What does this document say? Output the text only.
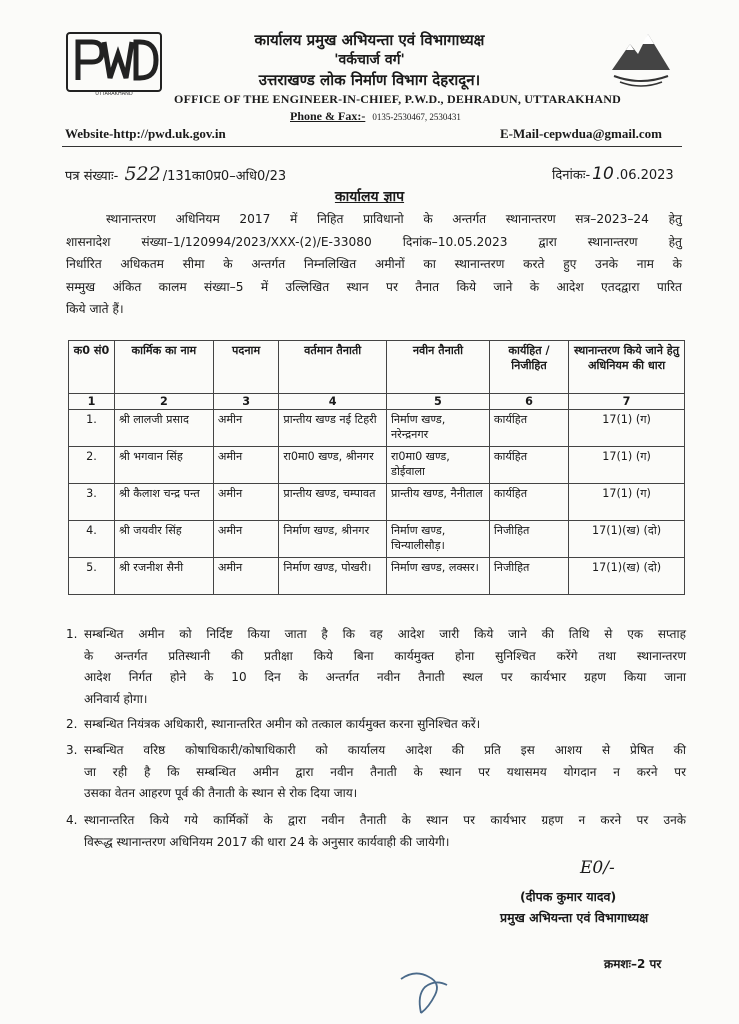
UTTARAKHAND
कार्यालय प्रमुख अभियन्ता एवं विभागाध्यक्ष
'वर्कचार्ज वर्ग'
उत्तराखण्ड लोक निर्माण विभाग देहरादून।
OFFICE OF THE ENGINEER-IN-CHIEF, P.W.D., DEHRADUN, UTTARAKHAND
Phone & Fax:- 0135-2530467, 2530431
Website-http://pwd.uk.gov.in	E-Mail-cepwdua@gmail.com
पत्र संख्याः- 522 /131का0प्र0–अधि0/23	दिनांकः- 10 .06.2023
कार्यालय ज्ञाप
स्थानान्तरण अधिनियम 2017 में निहित प्राविधानो के अन्तर्गत स्थानान्तरण सत्र–2023–24 हेतु
शासनादेश संख्या–1/120994/2023/XXX-(2)/E-33080 दिनांक–10.05.2023 द्वारा स्थानान्तरण हेतु
निर्धारित अधिकतम सीमा के अन्तर्गत निम्नलिखित अमीनों का स्थानान्तरण करते हुए उनके नाम के
सम्मुख अंकित कालम संख्या–5 में उल्लिखित स्थान पर तैनात किये जाने के आदेश एतदद्वारा पारित
किये जाते हैं।
क0 सं0	कार्मिक का नाम	पदनाम	वर्तमान तैनाती	नवीन तैनाती	कार्यहित / निजीहित	स्थानान्तरण किये जाने हेतु अधिनियम की धारा
1	2	3	4	5	6	7
1.	श्री लालजी प्रसाद	अमीन	प्रान्तीय खण्ड नई टिहरी	निर्माण खण्ड, नरेन्द्रनगर	कार्यहित	17(1) (ग)
2.	श्री भगवान सिंह	अमीन	रा0मा0 खण्ड, श्रीनगर	रा0मा0 खण्ड, डोईवाला	कार्यहित	17(1) (ग)
3.	श्री कैलाश चन्द्र पन्त	अमीन	प्रान्तीय खण्ड, चम्पावत	प्रान्तीय खण्ड, नैनीताल	कार्यहित	17(1) (ग)
4.	श्री जयवीर सिंह	अमीन	निर्माण खण्ड, श्रीनगर	निर्माण खण्ड, चिन्यालीसौड़।	निजीहित	17(1)(ख) (दो)
5.	श्री रजनीश सैनी	अमीन	निर्माण खण्ड, पोखरी।	निर्माण खण्ड, लक्सर।	निजीहित	17(1)(ख) (दो)
1. सम्बन्धित अमीन को निर्दिष्ट किया जाता है कि वह आदेश जारी किये जाने की तिथि से एक सप्ताह
के अन्तर्गत प्रतिस्थानी की प्रतीक्षा किये बिना कार्यमुक्त होना सुनिश्चित करेंगे तथा स्थानान्तरण
आदेश निर्गत होने के 10 दिन के अन्तर्गत नवीन तैनाती स्थल पर कार्यभार ग्रहण किया जाना
अनिवार्य होगा।
2. सम्बन्धित नियंत्रक अधिकारी, स्थानान्तरित अमीन को तत्काल कार्यमुक्त करना सुनिश्चित करें।
3. सम्बन्धित वरिष्ठ कोषाधिकारी/कोषाधिकारी को कार्यालय आदेश की प्रति इस आशय से प्रेषित की
जा रही है कि सम्बन्धित अमीन द्वारा नवीन तैनाती के स्थान पर यथासमय योगदान न करने पर
उसका वेतन आहरण पूर्व की तैनाती के स्थान से रोक दिया जाय।
4. स्थानान्तरित किये गये कार्मिकों के द्वारा नवीन तैनाती के स्थान पर कार्यभार ग्रहण न करने पर उनके
विरूद्ध स्थानान्तरण अधिनियम 2017 की धारा 24 के अनुसार कार्यवाही की जायेगी।
E0/-
(दीपक कुमार यादव)
प्रमुख अभियन्ता एवं विभागाध्यक्ष
क्रमशः–2 पर
